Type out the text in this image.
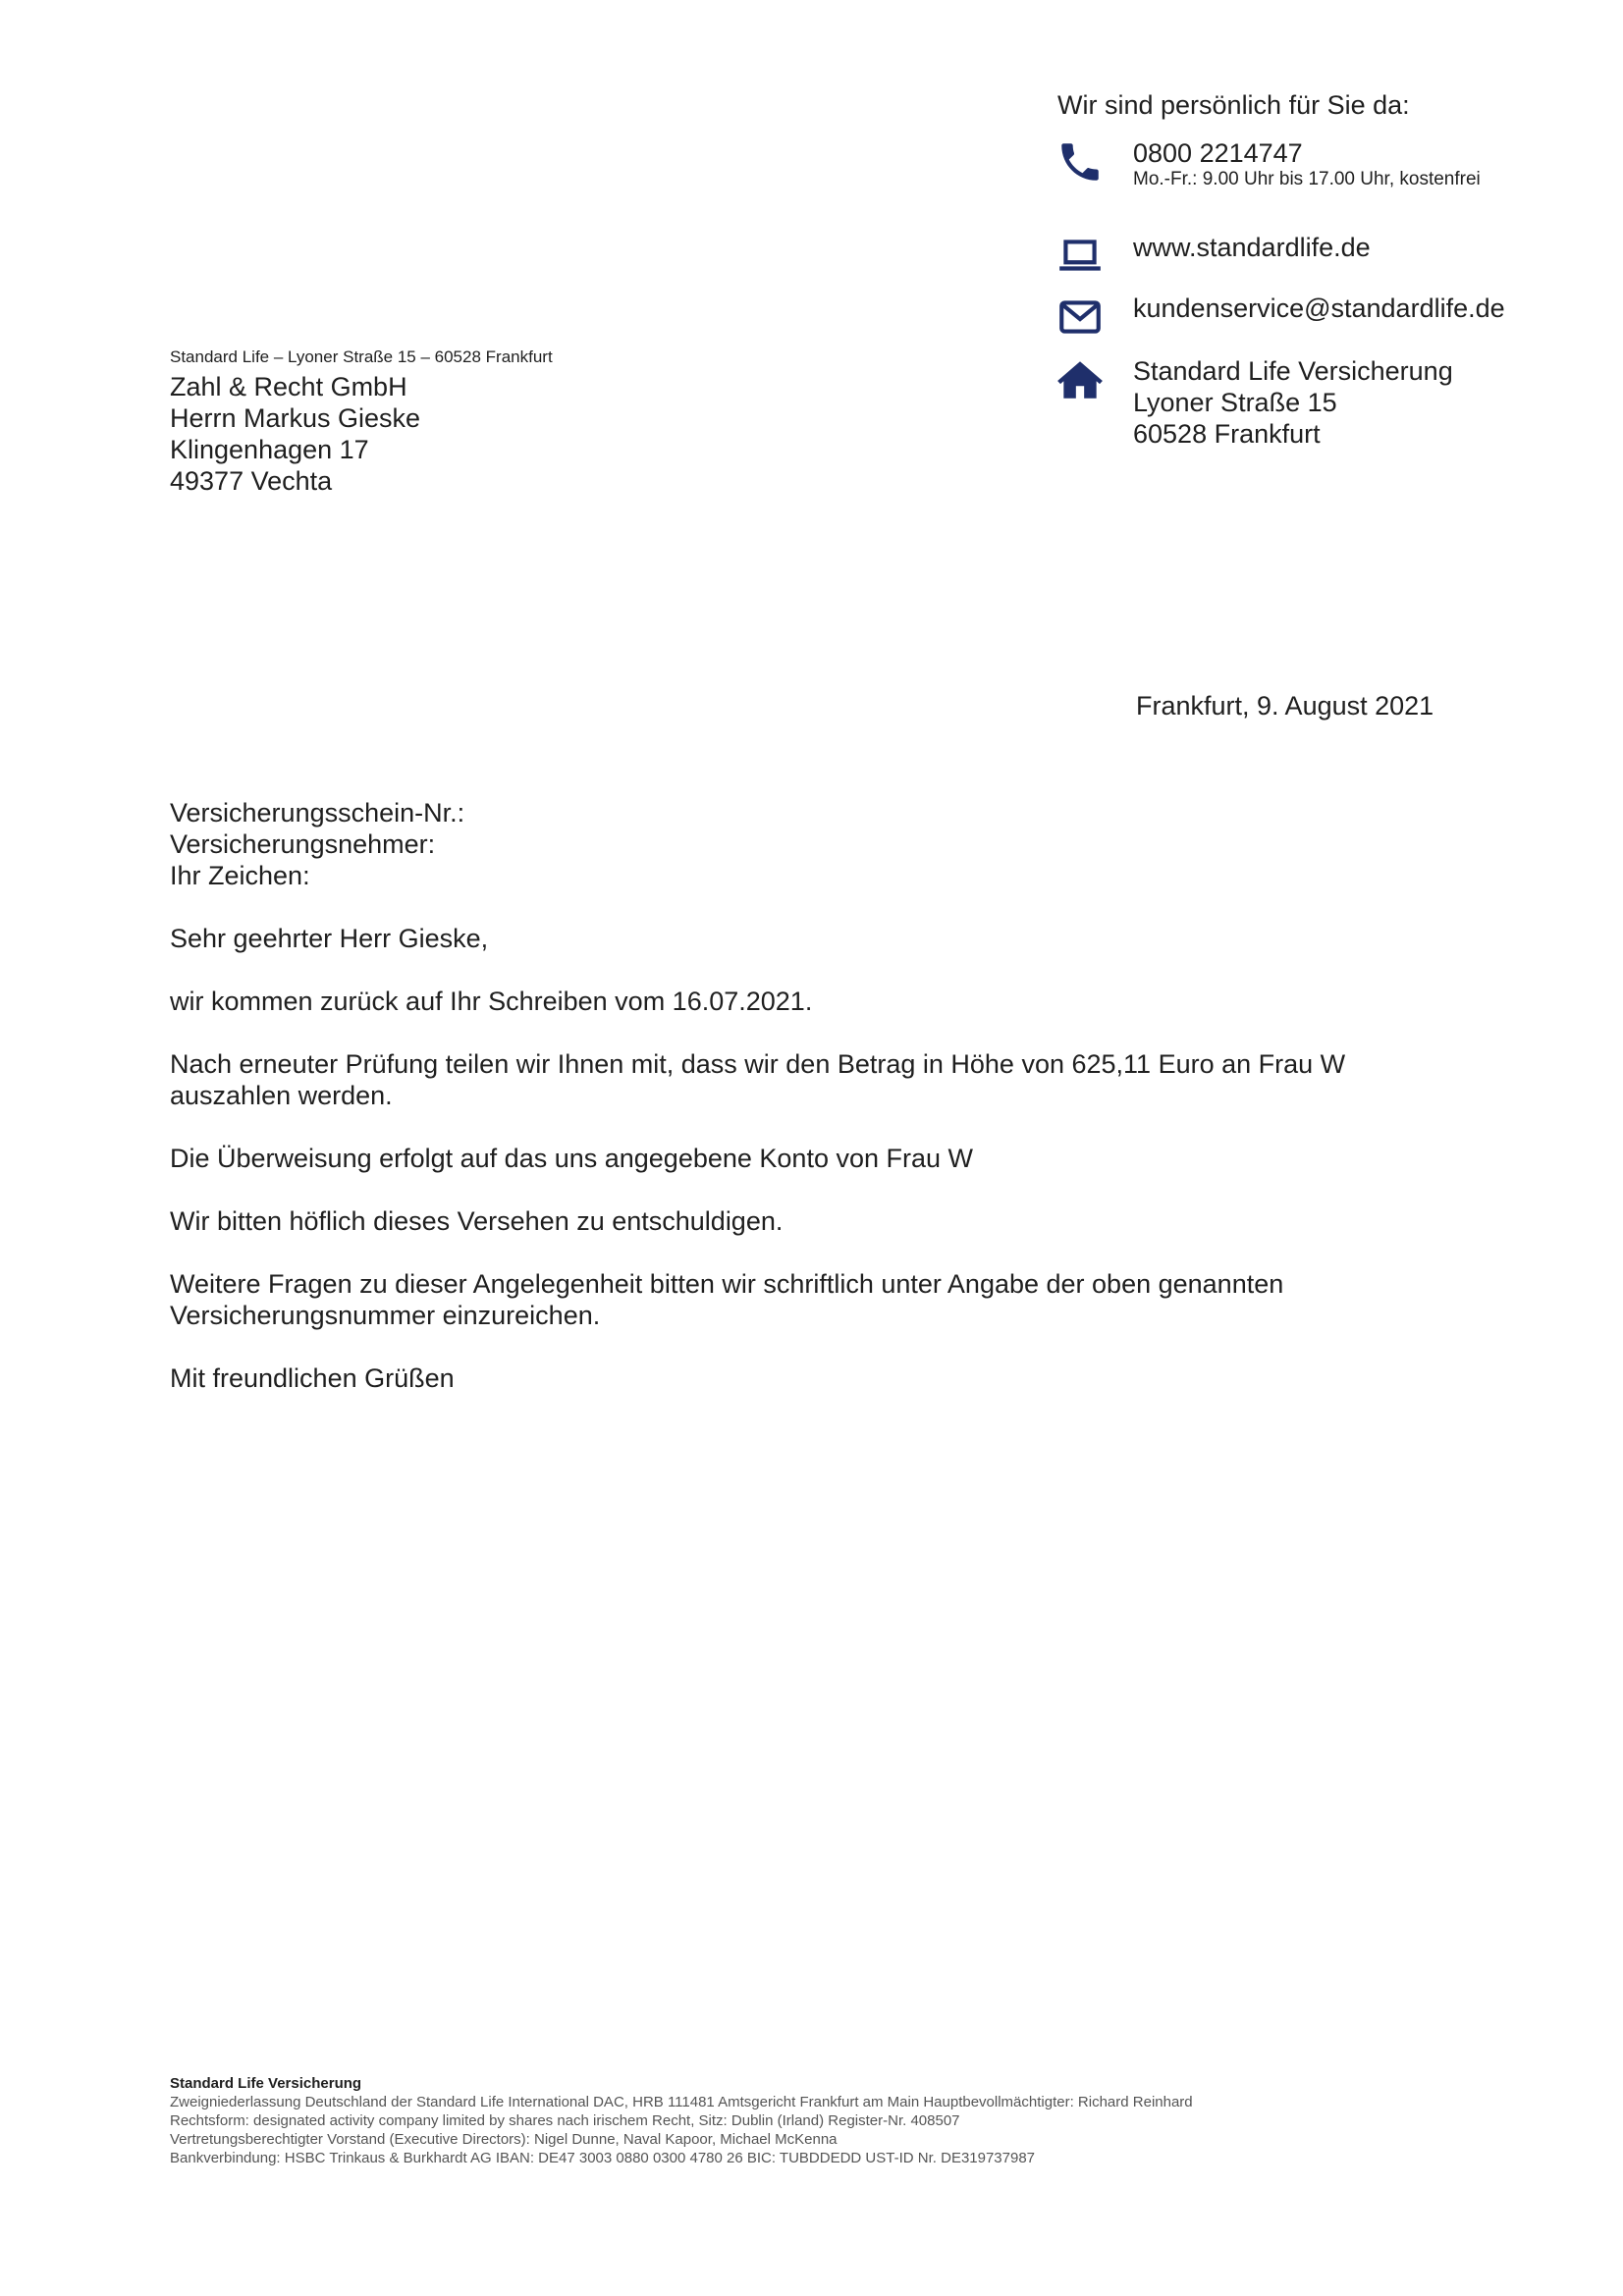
Wir sind persönlich für Sie da:
0800 2214747
Mo.-Fr.: 9.00 Uhr bis 17.00 Uhr, kostenfrei
www.standardlife.de
kundenservice@standardlife.de
Standard Life Versicherung
Lyoner Straße 15
60528 Frankfurt
Standard Life – Lyoner Straße 15 – 60528 Frankfurt
Zahl & Recht GmbH
Herrn Markus Gieske
Klingenhagen 17
49377 Vechta
Frankfurt, 9. August 2021
Versicherungsschein-Nr.:
Versicherungsnehmer:
Ihr Zeichen:

Sehr geehrter Herr Gieske,

wir kommen zurück auf Ihr Schreiben vom 16.07.2021.

Nach erneuter Prüfung teilen wir Ihnen mit, dass wir den Betrag in Höhe von 625,11 Euro an Frau W auszahlen werden.

Die Überweisung erfolgt auf das uns angegebene Konto von Frau W

Wir bitten höflich dieses Versehen zu entschuldigen.

Weitere Fragen zu dieser Angelegenheit bitten wir schriftlich unter Angabe der oben genannten Versicherungsnummer einzureichen.

Mit freundlichen Grüßen

Standard Life Versicherung
Zweigniederlassung Deutschland der Standard Life International DAC, HRB 111481 Amtsgericht Frankfurt am Main Hauptbevollmächtigter: Richard Reinhard
Rechtsform: designated activity company limited by shares nach irischem Recht, Sitz: Dublin (Irland) Register-Nr. 408507
Vertretungsberechtigter Vorstand (Executive Directors): Nigel Dunne, Naval Kapoor, Michael McKenna
Bankverbindung: HSBC Trinkaus & Burkhardt AG IBAN: DE47 3003 0880 0300 4780 26 BIC: TUBDDEDD UST-ID Nr. DE319737987
